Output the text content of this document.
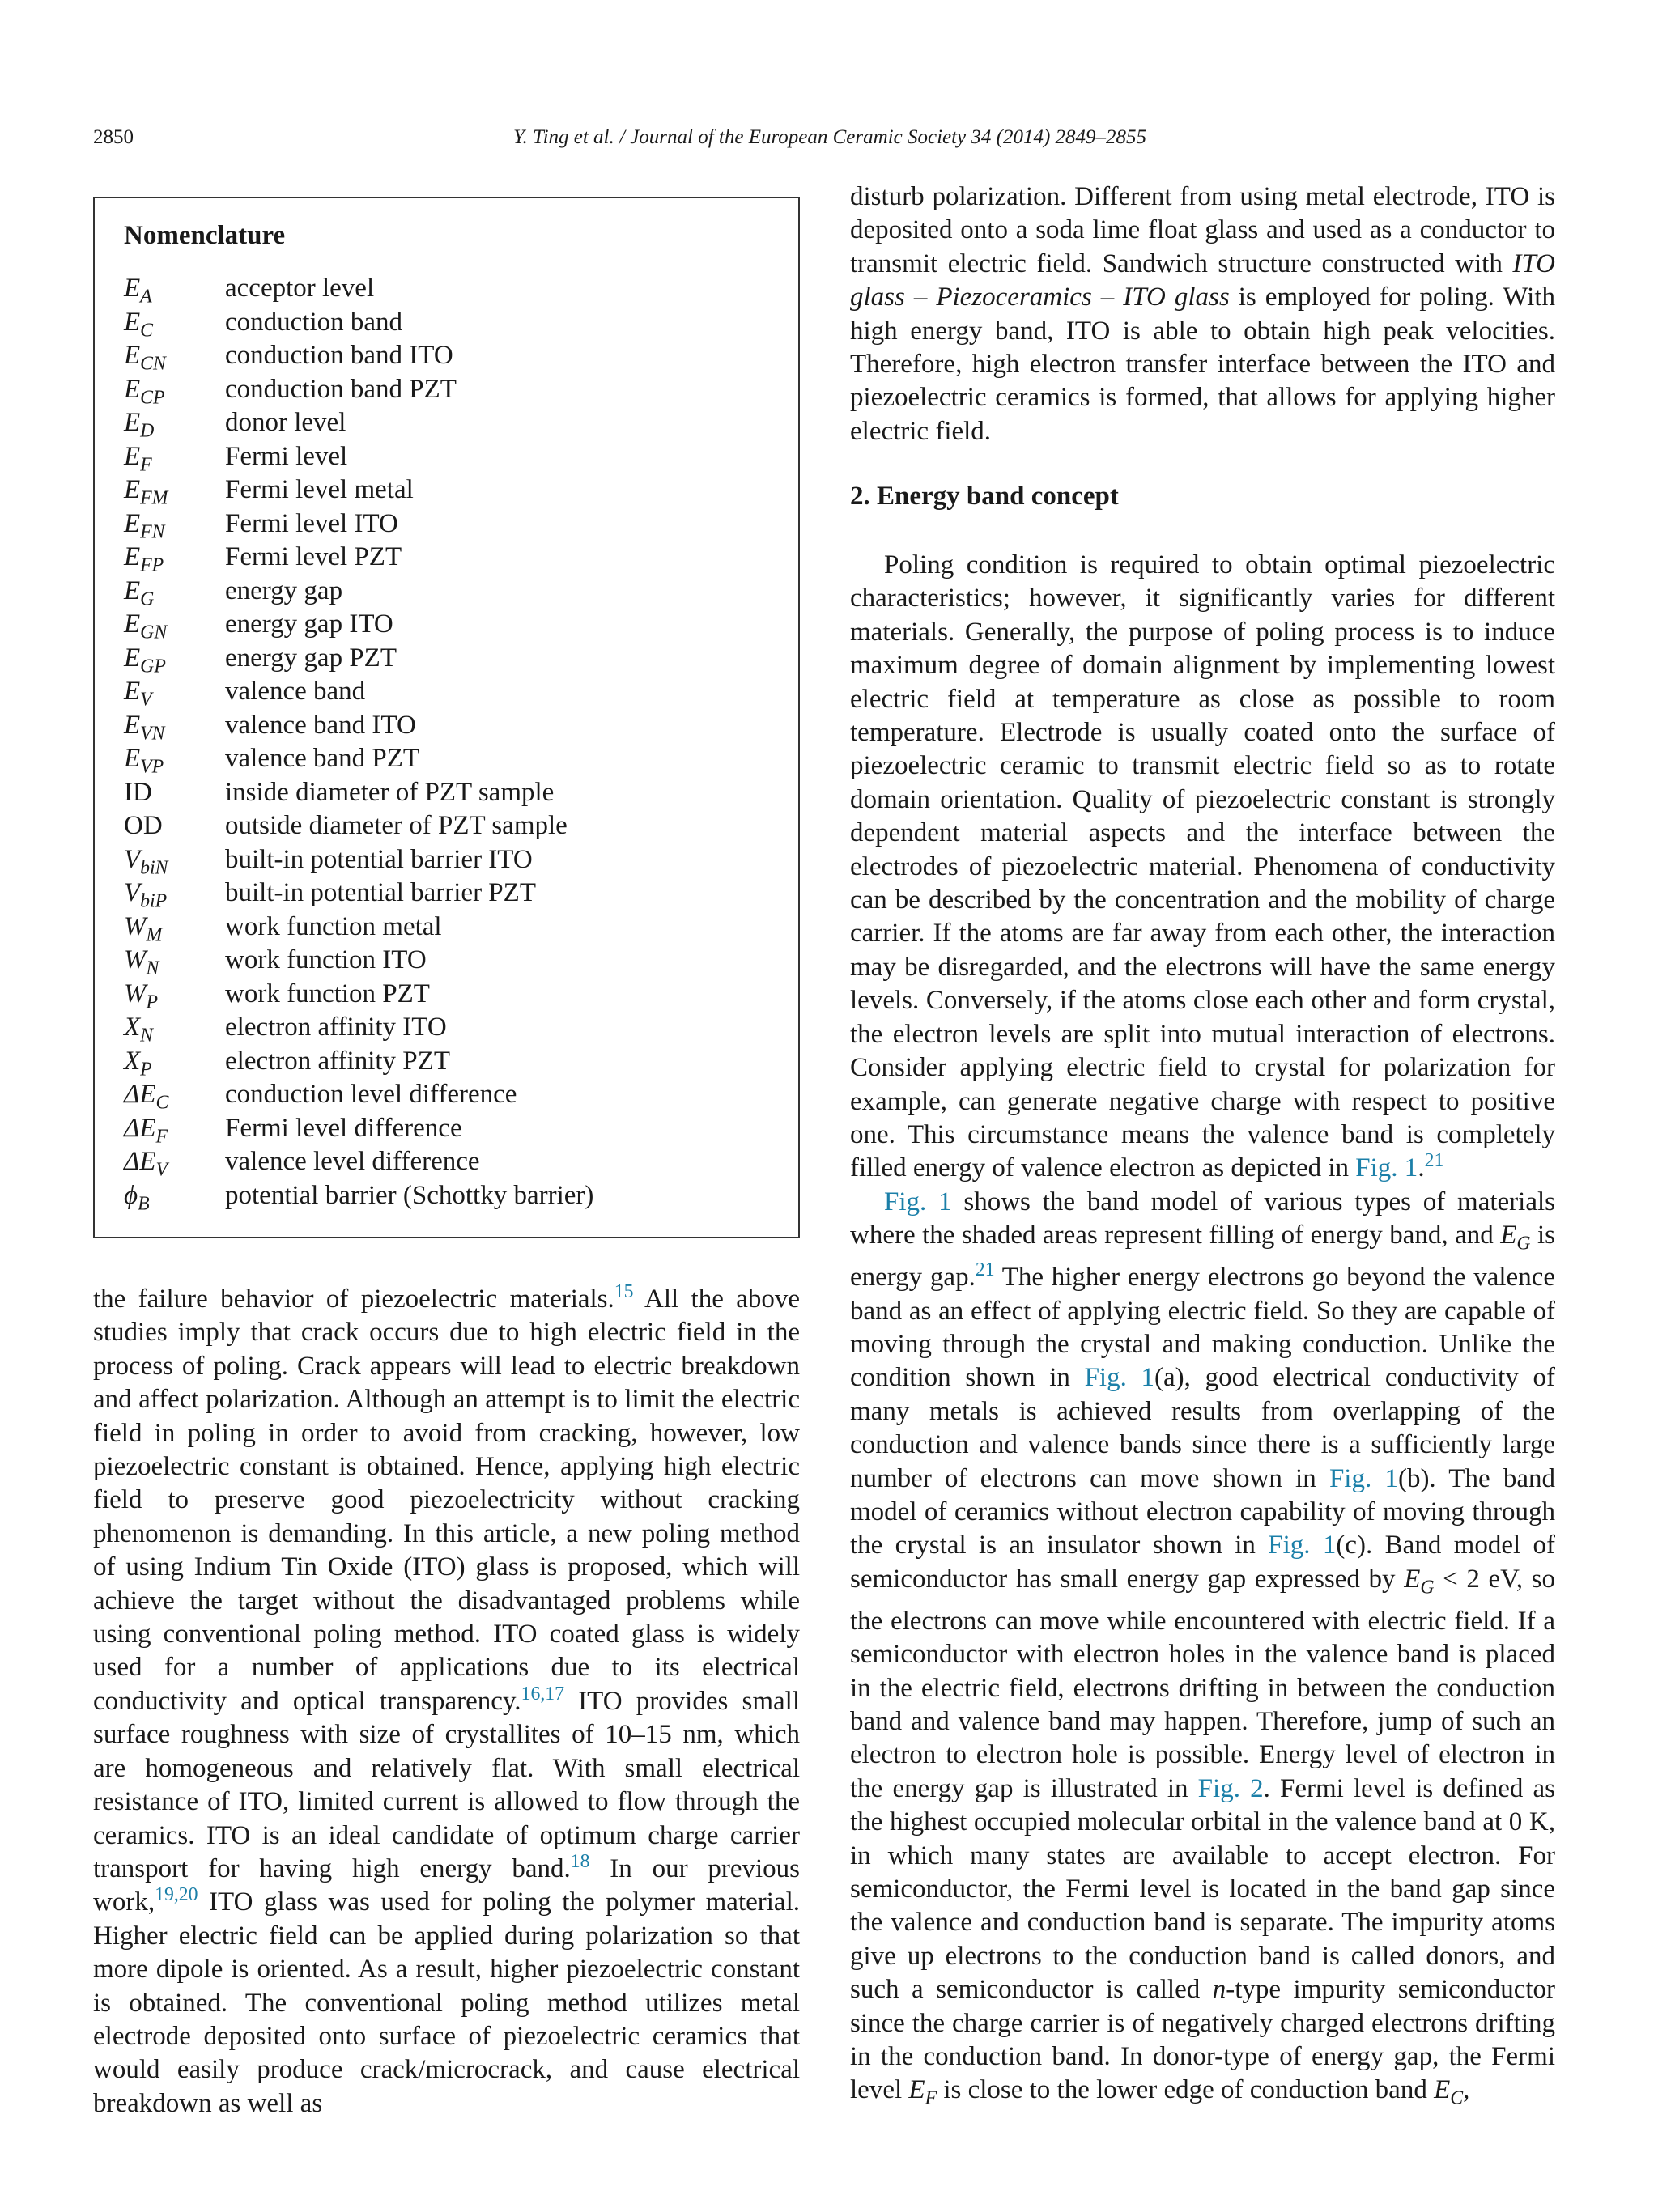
2850	Y. Ting et al. / Journal of the European Ceramic Society 34 (2014) 2849–2855
Nomenclature
$E_A$	acceptor level
$E_C$	conduction band
$E_{CN}$ conduction band ITO
$E_{CP}$ conduction band PZT
$E_D$	donor level
$E_F$	Fermi level
$E_{FM}$ Fermi level metal
$E_{FN}$ Fermi level ITO
$E_{FP}$ Fermi level PZT
$E_G$	energy gap
$E_{GN}$ energy gap ITO
$E_{GP}$ energy gap PZT
$E_V$	valence band
$E_{VN}$ valence band ITO
$E_{VP}$ valence band PZT
ID	inside diameter of PZT sample
OD outside diameter of PZT sample
$V_{biN}$ built-in potential barrier ITO
$V_{biP}$ built-in potential barrier PZT
$W_M$ work function metal
$W_N$ work function ITO
$W_P$	work function PZT
$X_N$	electron affinity ITO
$X_P$	electron affinity PZT
$\Delta E_C$ conduction level difference
$\Delta E_F$ Fermi level difference
$\Delta E_V$ valence level difference
$\phi_B$	potential barrier (Schottky barrier)

the failure behavior of piezoelectric materials.$^{15}$ All the above studies imply that crack occurs due to high electric field in the process of poling. Crack appears will lead to electric breakdown and affect polarization. Although an attempt is to limit the electric field in poling in order to avoid from cracking, however, low piezoelectric constant is obtained. Hence, applying high electric field to preserve good piezoelectricity without cracking phenomenon is demanding. In this article, a new poling method of using Indium Tin Oxide (ITO) glass is proposed, which will achieve the target without the disadvantaged problems while using conventional poling method. ITO coated glass is widely used for a number of applications due to its electrical conductivity and optical transparency.$^{16,17}$ ITO provides small surface roughness with size of crystallites of 10–15 nm, which are homogeneous and relatively flat. With small electrical resistance of ITO, limited current is allowed to flow through the ceramics. ITO is an ideal candidate of optimum charge carrier transport for having high energy band.$^{18}$ In our previous work,$^{19,20}$ ITO glass was used for poling the polymer material. Higher electric field can be applied during polarization so that more dipole is oriented. As a result, higher piezoelectric constant is obtained. The conventional poling method utilizes metal electrode deposited onto surface of piezoelectric ceramics that would easily produce crack/microcrack, and cause electrical breakdown as well as

disturb polarization. Different from using metal electrode, ITO is deposited onto a soda lime float glass and used as a conductor to transmit electric field. Sandwich structure constructed with ITO glass – Piezoceramics – ITO glass is employed for poling. With high energy band, ITO is able to obtain high peak velocities. Therefore, high electron transfer interface between the ITO and piezoelectric ceramics is formed, that allows for applying higher electric field.

2. Energy band concept

Poling condition is required to obtain optimal piezoelectric characteristics; however, it significantly varies for different materials. Generally, the purpose of poling process is to induce maximum degree of domain alignment by implementing lowest electric field at temperature as close as possible to room temperature. Electrode is usually coated onto the surface of piezoelectric ceramic to transmit electric field so as to rotate domain orientation. Quality of piezoelectric constant is strongly dependent material aspects and the interface between the electrodes of piezoelectric material. Phenomena of conductivity can be described by the concentration and the mobility of charge carrier. If the atoms are far away from each other, the interaction may be disregarded, and the electrons will have the same energy levels. Conversely, if the atoms close each other and form crystal, the electron levels are split into mutual interaction of electrons. Consider applying electric field to crystal for polarization for example, can generate negative charge with respect to positive one. This circumstance means the valence band is completely filled energy of valence electron as depicted in Fig. 1.21

Fig. 1 shows the band model of various types of materials where the shaded areas represent filling of energy band, and $E_G$ is energy gap.$^{21}$ The higher energy electrons go beyond the valence band as an effect of applying electric field. So they are capable of moving through the crystal and making conduction. Unlike the condition shown in Fig. 1(a), good electrical conductivity of many metals is achieved results from overlapping of the conduction and valence bands since there is a sufficiently large number of electrons can move shown in Fig. 1(b). The band model of ceramics without electron capability of moving through the crystal is an insulator shown in Fig. 1(c). Band model of semiconductor has small energy gap expressed by $E_G < 2$ eV, so the electrons can move while encountered with electric field. If a semiconductor with electron holes in the valence band is placed in the electric field, electrons drifting in between the conduction band and valence band may happen. Therefore, jump of such an electron to electron hole is possible. Energy level of electron in the energy gap is illustrated in Fig. 2. Fermi level is defined as the highest occupied molecular orbital in the valence band at 0 K, in which many states are available to accept electron. For semiconductor, the Fermi level is located in the band gap since the valence and conduction band is separate. The impurity atoms give up electrons to the conduction band is called donors, and such a semiconductor is called n-type impurity semiconductor since the charge carrier is of negatively charged electrons drifting in the conduction band. In donor-type of energy gap, the Fermi level $E_F$ is close to the lower edge of conduction band $E_C$,
